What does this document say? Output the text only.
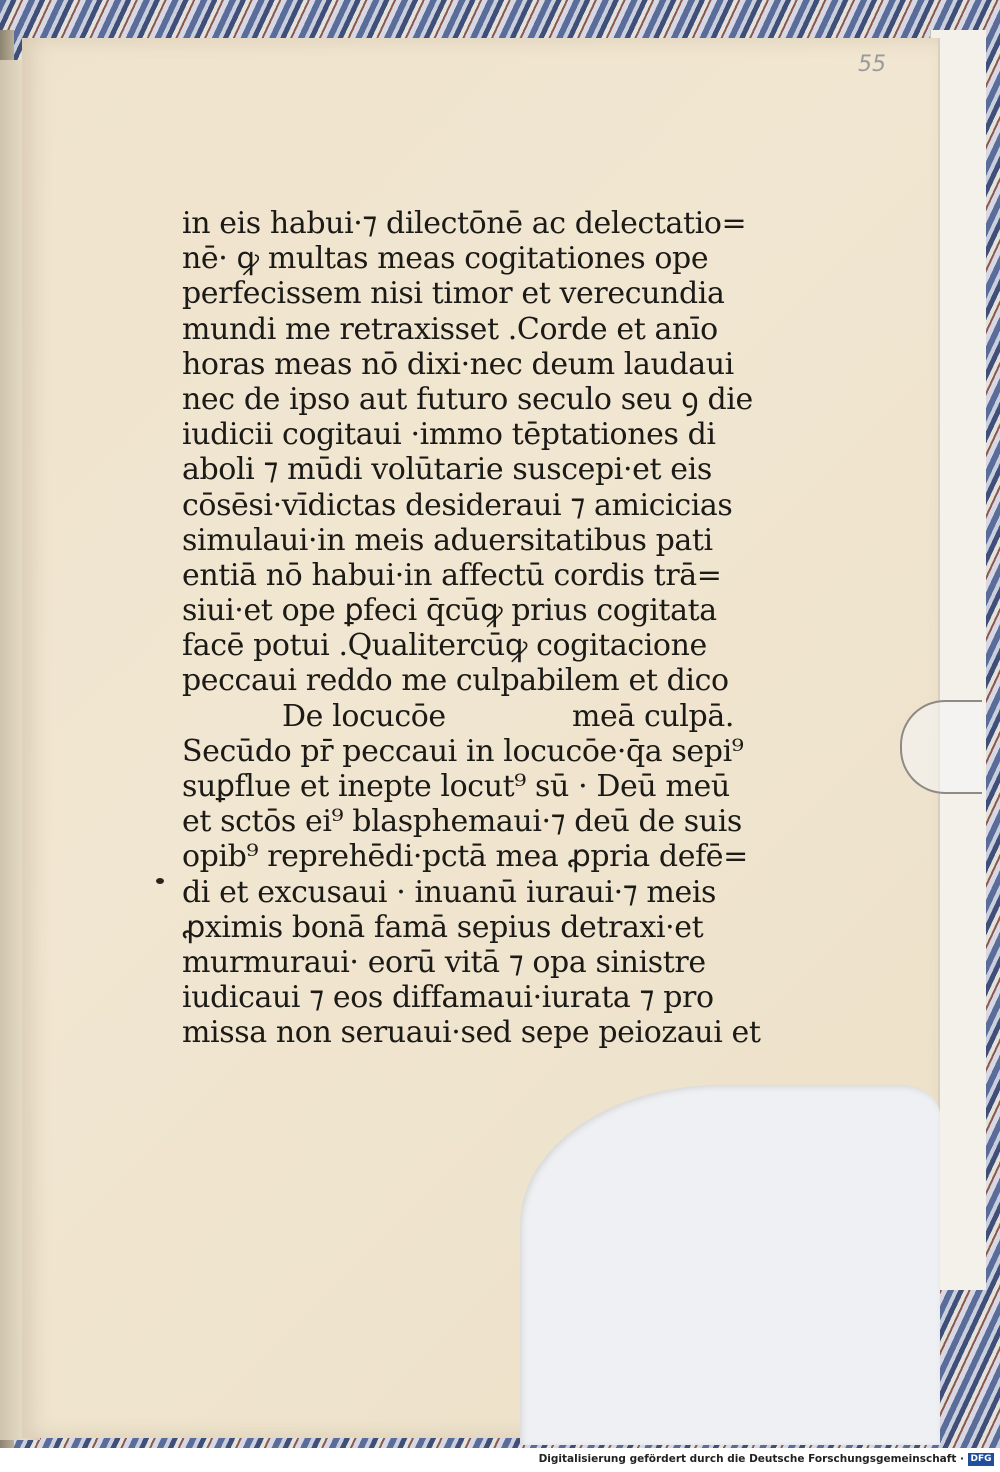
55
in eis habui·⁊ dilectōnē ac delectatio=
nē· ꝙ multas meas cogitationes ope
perfecissem nisi timor et verecundia
mundi me retraxisset .Corde et anīo
horas meas nō dixi·nec deum laudaui
nec de ipso aut futuro seculo seu ꝯ die
iudicii cogitaui ·immo tēptationes di
aboli ⁊ mūdi volūtarie suscepi·et eis
cōsēsi·vīdictas desideraui ⁊ amicicias
simulaui·in meis aduersitatibus pati
entiā nō habui·in affectū cordis trā=
siui·et ope ꝑfeci q̄cūꝙ prius cogitata
facē potui .Qualitercūꝙ cogitacione
peccaui reddo me culpabilem et dico
De locucōe	meā culpā.
Secūdo pr̄ peccaui in locucōe·q̄a sepi⁹
suꝑflue et inepte locut⁹ sū · Deū meū
et sctōs ei⁹ blasphemaui·⁊ deū de suis
opib⁹ reprehēdi·pctā mea ꝓpria defē=
di et excusaui · inuanū iuraui·⁊ meis
ꝓximis bonā famā sepius detraxi·et
murmuraui· eorū vitā ⁊ opa sinistre
iudicaui ⁊ eos diffamaui·iurata ⁊ pro
missa non seruaui·sed sepe peiozaui et
Digitalisierung gefördert durch die Deutsche Forschungsgemeinschaft · DFG
